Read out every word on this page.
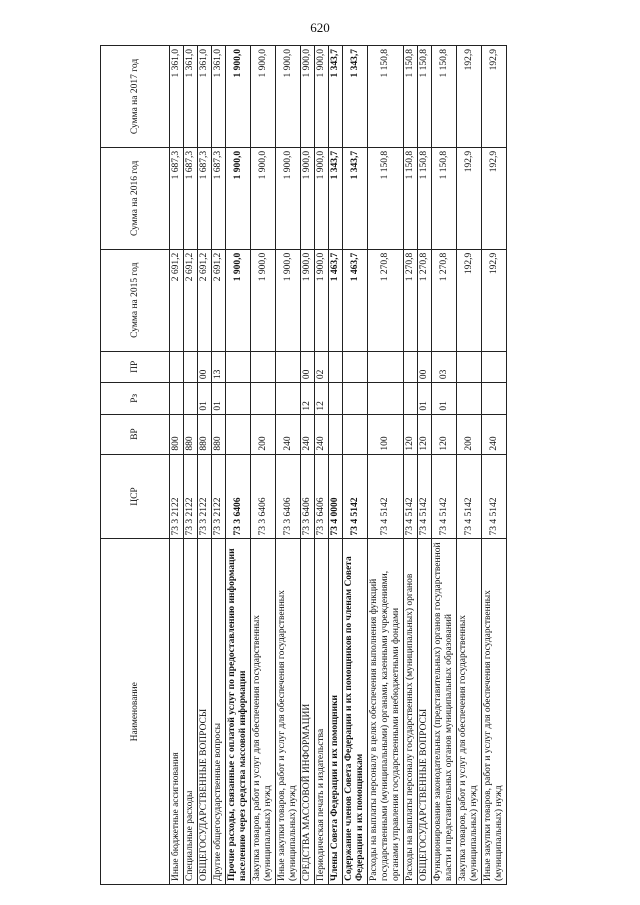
620
Наименование	ЦСР	ВР	Рз	ПР	Сумма на 2015 год	Сумма на 2016 год	Сумма на 2017 год
Иные бюджетные ассигнования	73 3 2122	800			2 691,2	1 687,3	1 361,0
Специальные расходы	73 3 2122	880			2 691,2	1 687,3	1 361,0
ОБЩЕГОСУДАРСТВЕННЫЕ ВОПРОСЫ	73 3 2122	880	01	00	2 691,2	1 687,3	1 361,0
Другие общегосударственные вопросы	73 3 2122	880	01	13	2 691,2	1 687,3	1 361,0
Прочие расходы, связанные с оплатой услуг по предоставлению информации населению через средства массовой информации	73 3 6406				1 900,0	1 900,0	1 900,0
Закупка товаров, работ и услуг для обеспечения государственных (муниципальных) нужд	73 3 6406	200			1 900,0	1 900,0	1 900,0
Иные закупки товаров, работ и услуг для обеспечения государственных (муниципальных) нужд	73 3 6406	240			1 900,0	1 900,0	1 900,0
СРЕДСТВА МАССОВОЙ ИНФОРМАЦИИ	73 3 6406	240	12	00	1 900,0	1 900,0	1 900,0
Периодическая печать и издательства	73 3 6406	240	12	02	1 900,0	1 900,0	1 900,0
Члены Совета Федерации и их помощники	73 4 0000				1 463,7	1 343,7	1 343,7
Содержание членов Совета Федерации и их помощников по членам Совета Федерации и их помощникам	73 4 5142				1 463,7	1 343,7	1 343,7
Расходы на выплаты персоналу в целях обеспечения выполнения функций государственными (муниципальными) органами, казенными учреждениями, органами управления государственными внебюджетными фондами	73 4 5142	100			1 270,8	1 150,8	1 150,8
Расходы на выплаты персоналу государственных (муниципальных) органов	73 4 5142	120			1 270,8	1 150,8	1 150,8
ОБЩЕГОСУДАРСТВЕННЫЕ ВОПРОСЫ	73 4 5142	120	01	00	1 270,8	1 150,8	1 150,8
Функционирование законодательных (представительных) органов государственной власти и представительных органов муниципальных образований	73 4 5142	120	01	03	1 270,8	1 150,8	1 150,8
Закупка товаров, работ и услуг для обеспечения государственных (муниципальных) нужд	73 4 5142	200			192,9	192,9	192,9
Иные закупки товаров, работ и услуг для обеспечения государственных (муниципальных) нужд	73 4 5142	240			192,9	192,9	192,9
